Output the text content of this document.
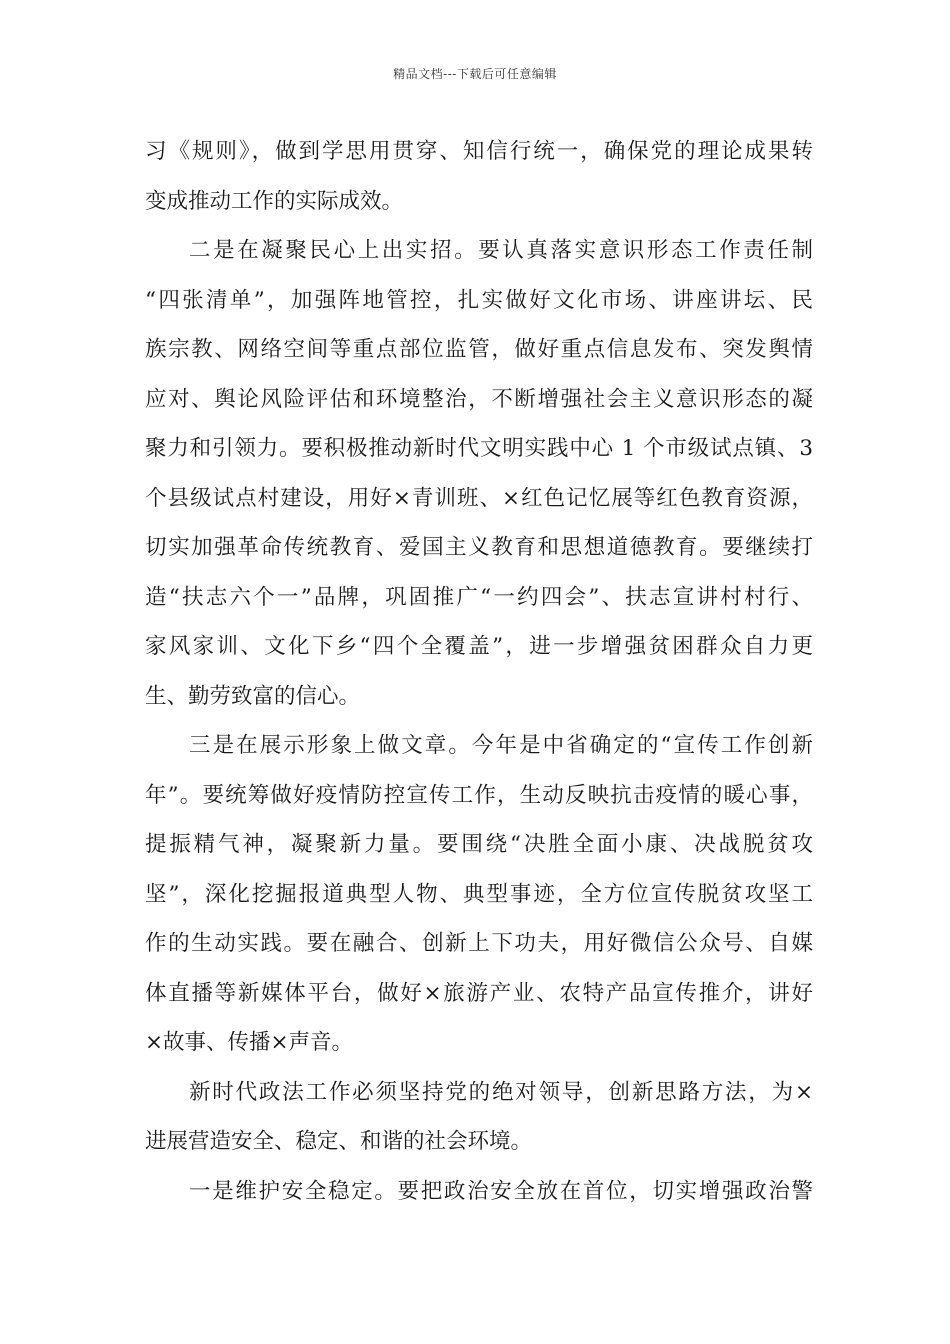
精品文档---下载后可任意编辑
习《规则》，做到学思用贯穿、知信行统一，确保党的理论成果转
变成推动工作的实际成效。
二是在凝聚民心上出实招。要认真落实意识形态工作责任制
“四张清单”，加强阵地管控，扎实做好文化市场、讲座讲坛、民
族宗教、网络空间等重点部位监管，做好重点信息发布、突发舆情
应对、舆论风险评估和环境整治，不断增强社会主义意识形态的凝
聚力和引领力。要积极推动新时代文明实践中心 1 个市级试点镇、3
个县级试点村建设，用好×青训班、×红色记忆展等红色教育资源，
切实加强革命传统教育、爱国主义教育和思想道德教育。要继续打
造“扶志六个一”品牌，巩固推广“一约四会”、扶志宣讲村村行、
家风家训、文化下乡“四个全覆盖”，进一步增强贫困群众自力更
生、勤劳致富的信心。
三是在展示形象上做文章。今年是中省确定的“宣传工作创新
年”。要统筹做好疫情防控宣传工作，生动反映抗击疫情的暖心事，
提振精气神，凝聚新力量。要围绕“决胜全面小康、决战脱贫攻
坚”，深化挖掘报道典型人物、典型事迹，全方位宣传脱贫攻坚工
作的生动实践。要在融合、创新上下功夫，用好微信公众号、自媒
体直播等新媒体平台，做好×旅游产业、农特产品宣传推介，讲好
×故事、传播×声音。
新时代政法工作必须坚持党的绝对领导，创新思路方法，为×
进展营造安全、稳定、和谐的社会环境。
一是维护安全稳定。要把政治安全放在首位，切实增强政治警
